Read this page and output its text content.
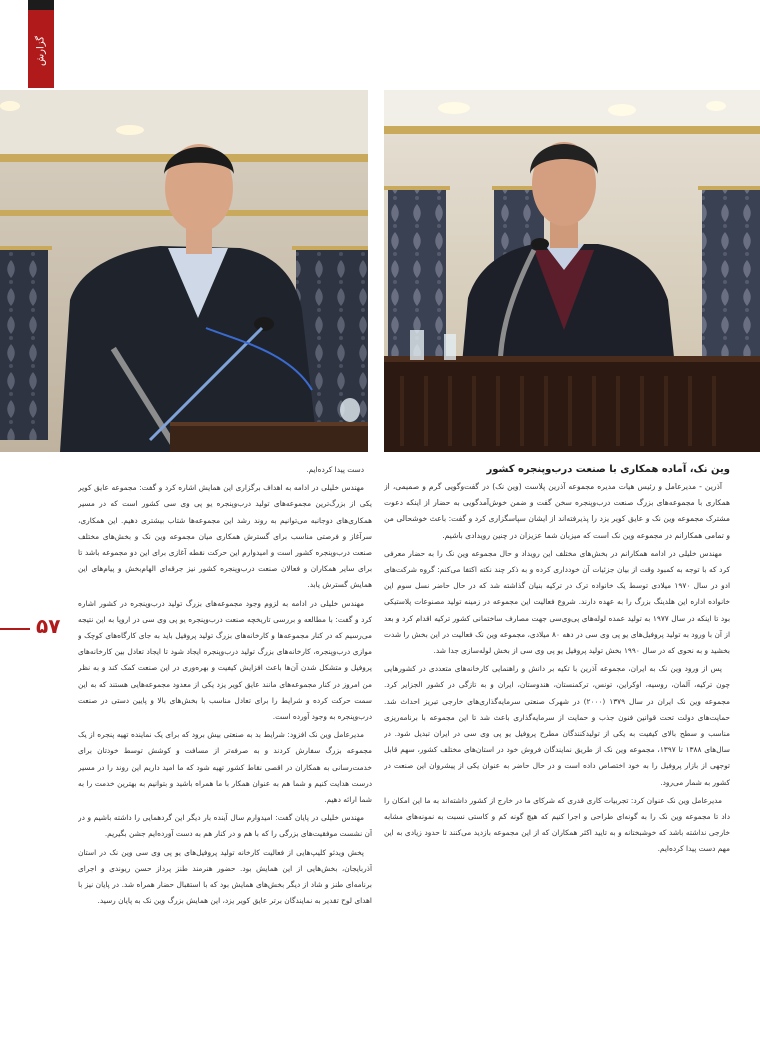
گزارش
۵۷
وین نک، آماده همکاری با صنعت درب‌وپنجره کشور

آذرین - مدیرعامل و رئیس هیات مدیره مجموعه آذرین پلاست (وین نک) در گفت‌وگویی گرم و صمیمی، از همکاری با مجموعه‌های بزرگ صنعت درب‌وپنجره سخن گفت و ضمن خوش‌آمدگویی به حضار از اینکه دعوت مشترک مجموعه وین نک و عایق کویر یزد را پذیرفته‌اند از ایشان سپاسگزاری کرد و گفت: باعث خوشحالی من و تمامی همکارانم در مجموعه وین نک است که میزبان شما عزیزان در چنین رویدادی باشیم.

مهندس خلیلی در ادامه همکارانم در بخش‌های مختلف این رویداد و حال مجموعه وین نک را به حضار معرفی کرد که با توجه به کمبود وقت از بیان جزئیات آن خودداری کرده و به ذکر چند نکته اکتفا می‌کنم: گروه شرکت‌های ادو در سال ۱۹۷۰ میلادی توسط یک خانواده ترک در ترکیه بنیان گذاشته شد که در حال حاضر نسل سوم این خانواده اداره این هلدینگ بزرگ را به عهده دارند. شروع فعالیت این مجموعه در زمینه تولید مصنوعات پلاستیکی بود تا اینکه در سال ۱۹۷۷ به تولید عمده لوله‌های پی‌وی‌سی جهت مصارف ساختمانی کشور ترکیه اقدام کرد و بعد از آن با ورود به تولید پروفیل‌های یو پی وی سی در دهه ۸۰ میلادی، مجموعه وین نک فعالیت در این بخش را شدت بخشید و به نحوی که در سال ۱۹۹۰ بخش تولید پروفیل یو پی وی سی از بخش لوله‌سازی جدا شد.

پس از ورود وین نک به ایران، مجموعه آذرین با تکیه بر دانش و راهنمایی کارخانه‌های متعددی در کشورهایی چون ترکیه، آلمان، روسیه، اوکراین، تونس، ترکمنستان، هندوستان، ایران و به تازگی در کشور الجزایر کرد. مجموعه وین نک ایران در سال ۱۳۷۹ (۲۰۰۰) در شهرک صنعتی سرمایه‌گذاری‌های خارجی تبریز احداث شد. حمایت‌های دولت تحت قوانین فنون جذب و حمایت از سرمایه‌گذاری باعث شد تا این مجموعه با برنامه‌ریزی مناسب و سطح بالای کیفیت به یکی از تولیدکنندگان مطرح پروفیل یو پی وی سی در ایران تبدیل شود. در سال‌های ۱۳۸۸ تا ۱۳۹۷، مجموعه وین نک از طریق نمایندگان فروش خود در استان‌های مختلف کشور، سهم قابل توجهی از بازار پروفیل را به خود اختصاص داده است و در حال حاضر به عنوان یکی از پیشروان این صنعت در کشور به شمار می‌رود.

مدیرعامل وین نک عنوان کرد: تجربیات کاری قدری که شرکای ما در خارج از کشور داشته‌اند به ما این امکان را داد تا مجموعه وین نک را به گونه‌ای طراحی و اجرا کنیم که هیچ گونه کم و کاستی نسبت به نمونه‌های مشابه خارجی نداشته باشد که خوشبختانه و به تایید اکثر همکاران که از این مجموعه بازدید می‌کنند تا حدود زیادی به این مهم دست پیدا کرده‌ایم.

دست پیدا کرده‌ایم.

مهندس خلیلی در ادامه به اهداف برگزاری این همایش اشاره کرد و گفت: مجموعه عایق کویر یکی از بزرگ‌ترین مجموعه‌های تولید درب‌وپنجره یو پی وی سی کشور است که در مسیر همکاری‌های دوجانبه می‌توانیم به روند رشد این مجموعه‌ها شتاب بیشتری دهیم. این همکاری، سرآغاز و فرصتی مناسب برای گسترش همکاری میان مجموعه وین نک و بخش‌های مختلف صنعت درب‌وپنجره کشور است و امیدوارم این حرکت نقطه آغازی برای این دو مجموعه باشد تا برای سایر همکاران و فعالان صنعت درب‌وپنجره کشور نیز جرقه‌ای الهام‌بخش و پیام‌های این همایش گسترش یابد.

مهندس خلیلی در ادامه به لزوم وجود مجموعه‌های بزرگ تولید درب‌وپنجره در کشور اشاره کرد و گفت: با مطالعه و بررسی تاریخچه صنعت درب‌وپنجره یو پی وی سی در اروپا به این نتیجه می‌رسیم که در کنار مجموعه‌ها و کارخانه‌های بزرگ تولید پروفیل باید به جای کارگاه‌های کوچک و موازی درب‌وپنجره، کارخانه‌های بزرگ تولید درب‌وپنجره ایجاد شود تا ایجاد تعادل بین کارخانه‌های پروفیل و متشکل شدن آن‌ها باعث افزایش کیفیت و بهره‌وری در این صنعت کمک کند و به نظر من امروز در کنار مجموعه‌های مانند عایق کویر یزد یکی از معدود مجموعه‌هایی هستند که به این سمت حرکت کرده و شرایط را برای تعادل مناسب با بخش‌های بالا و پایین دستی در صنعت درب‌وپنجره به وجود آورده است.

مدیرعامل وین نک افزود: شرایط بد به صنعتی بیش برود که برای یک نماینده تهیه پنجره از یک مجموعه بزرگ سفارش کردند و به صرفه‌تر از مسافت و کوشش توسط خودتان برای خدمت‌رسانی به همکاران در اقصی نقاط کشور تهیه شود که ما امید داریم این روند را در مسیر درست هدایت کنیم و شما هم به عنوان همکار با ما همراه باشید و بتوانیم به بهترین خدمت را به شما ارائه دهیم.

مهندس خلیلی در پایان گفت: امیدوارم سال آینده بار دیگر این گردهمایی را داشته باشیم و در آن نشست موفقیت‌های بزرگی را که با هم و در کنار هم به دست آورده‌ایم جشن بگیریم.

پخش ویدئو کلیپ‌هایی از فعالیت کارخانه تولید پروفیل‌های یو پی وی سی وین نک در استان آذربایجان، بخش‌هایی از این همایش بود. حضور هنرمند طنز پرداز حسن ریوندی و اجرای برنامه‌ای طنز و شاد از دیگر بخش‌های همایش بود که با استقبال حضار همراه شد. در پایان نیز با اهدای لوح تقدیر به نمایندگان برتر عایق کویر یزد، این همایش بزرگ وین نک به پایان رسید.
